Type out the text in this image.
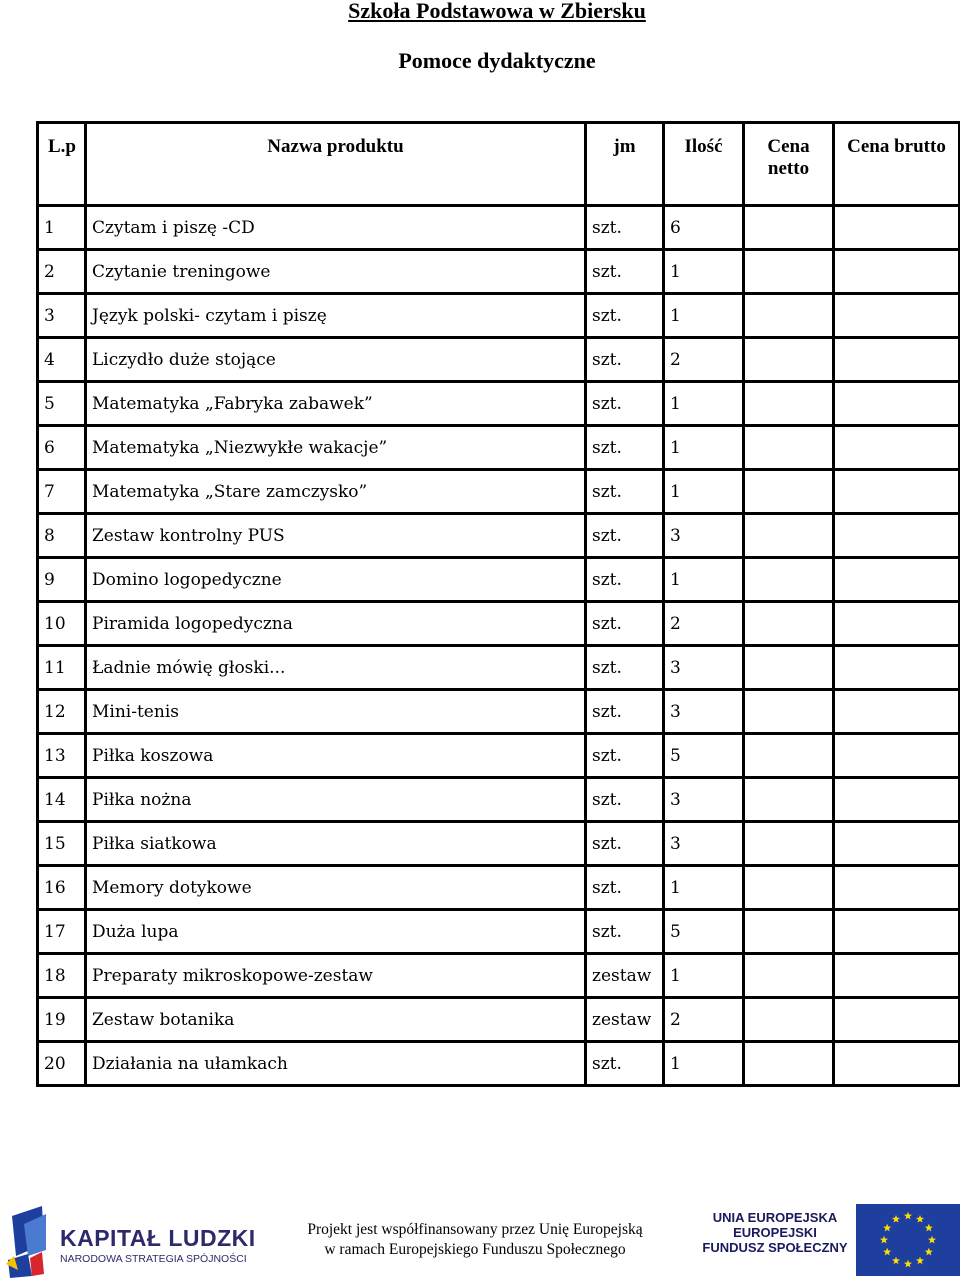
Szkoła Podstawowa w Zbiersku
Pomoce dydaktyczne
L.p	Nazwa produktu	jm	Ilość	Cena netto	Cena brutto
1	Czytam i piszę -CD	szt.	6		
2	Czytanie treningowe	szt.	1		
3	Język polski- czytam i piszę	szt.	1		
4	Liczydło duże stojące	szt.	2		
5	Matematyka „Fabryka zabawek”	szt.	1		
6	Matematyka „Niezwykłe wakacje”	szt.	1		
7	Matematyka „Stare zamczysko”	szt.	1		
8	Zestaw kontrolny PUS	szt.	3		
9	Domino logopedyczne	szt.	1		
10	Piramida logopedyczna	szt.	2		
11	Ładnie mówię głoski...	szt.	3		
12	Mini-tenis	szt.	3		
13	Piłka koszowa	szt.	5		
14	Piłka nożna	szt.	3		
15	Piłka siatkowa	szt.	3		
16	Memory dotykowe	szt.	1		
17	Duża lupa	szt.	5		
18	Preparaty mikroskopowe-zestaw	zestaw	1		
19	Zestaw botanika	zestaw	2		
20	Działania na ułamkach	szt.	1		
KAPITAŁ LUDZKI
NARODOWA STRATEGIA SPÓJNOŚCI
Projekt jest współfinansowany przez Unię Europejską
w ramach Europejskiego Funduszu Społecznego
UNIA EUROPEJSKA
EUROPEJSKI
FUNDUSZ SPOŁECZNY
